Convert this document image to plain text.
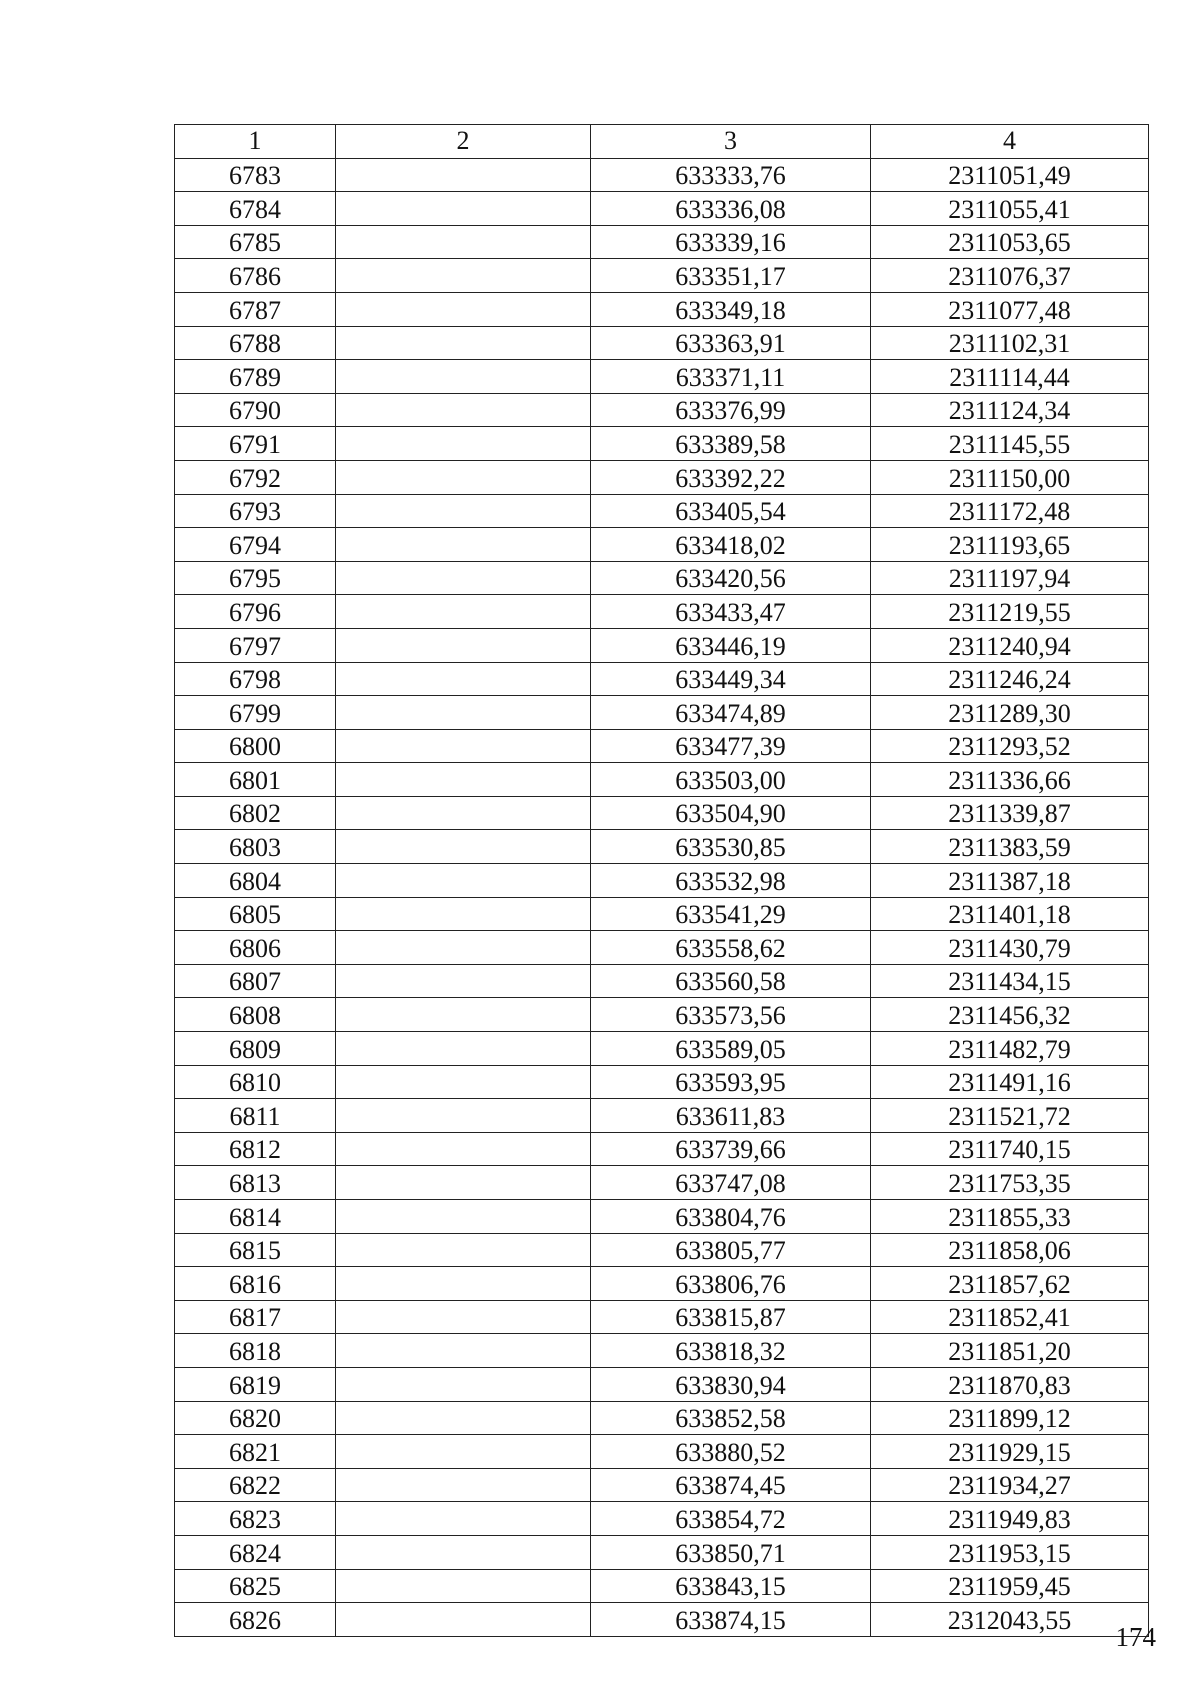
1	2	3	4
6783		633333,76	2311051,49
6784		633336,08	2311055,41
6785		633339,16	2311053,65
6786		633351,17	2311076,37
6787		633349,18	2311077,48
6788		633363,91	2311102,31
6789		633371,11	2311114,44
6790		633376,99	2311124,34
6791		633389,58	2311145,55
6792		633392,22	2311150,00
6793		633405,54	2311172,48
6794		633418,02	2311193,65
6795		633420,56	2311197,94
6796		633433,47	2311219,55
6797		633446,19	2311240,94
6798		633449,34	2311246,24
6799		633474,89	2311289,30
6800		633477,39	2311293,52
6801		633503,00	2311336,66
6802		633504,90	2311339,87
6803		633530,85	2311383,59
6804		633532,98	2311387,18
6805		633541,29	2311401,18
6806		633558,62	2311430,79
6807		633560,58	2311434,15
6808		633573,56	2311456,32
6809		633589,05	2311482,79
6810		633593,95	2311491,16
6811		633611,83	2311521,72
6812		633739,66	2311740,15
6813		633747,08	2311753,35
6814		633804,76	2311855,33
6815		633805,77	2311858,06
6816		633806,76	2311857,62
6817		633815,87	2311852,41
6818		633818,32	2311851,20
6819		633830,94	2311870,83
6820		633852,58	2311899,12
6821		633880,52	2311929,15
6822		633874,45	2311934,27
6823		633854,72	2311949,83
6824		633850,71	2311953,15
6825		633843,15	2311959,45
6826		633874,15	2312043,55
174
